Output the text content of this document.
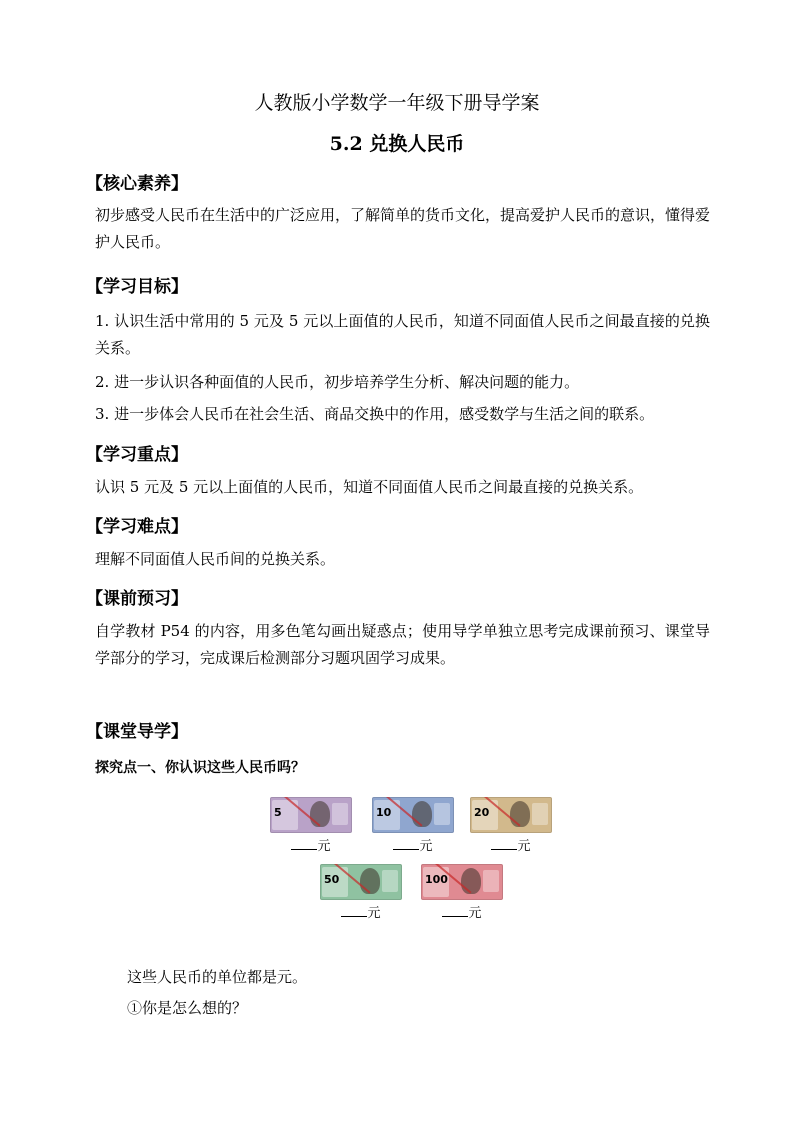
人教版小学数学一年级下册导学案
5.2 兑换人民币
【核心素养】
初步感受人民币在生活中的广泛应用，了解简单的货币文化，提高爱护人民币的意识，懂得爱护人民币。
【学习目标】
1. 认识生活中常用的 5 元及 5 元以上面值的人民币，知道不同面值人民币之间最直接的兑换关系。
2. 进一步认识各种面值的人民币，初步培养学生分析、解决问题的能力。
3. 进一步体会人民币在社会生活、商品交换中的作用，感受数学与生活之间的联系。
【学习重点】
认识 5 元及 5 元以上面值的人民币，知道不同面值人民币之间最直接的兑换关系。
【学习难点】
理解不同面值人民币间的兑换关系。
【课前预习】
自学教材 P54 的内容，用多色笔勾画出疑惑点；使用导学单独立思考完成课前预习、课堂导学部分的学习，完成课后检测部分习题巩固学习成果。
【课堂导学】
探究点一、你认识这些人民币吗？
5
元
10
元
20
元
50
元
100
元
这些人民币的单位都是元。
①你是怎么想的？
